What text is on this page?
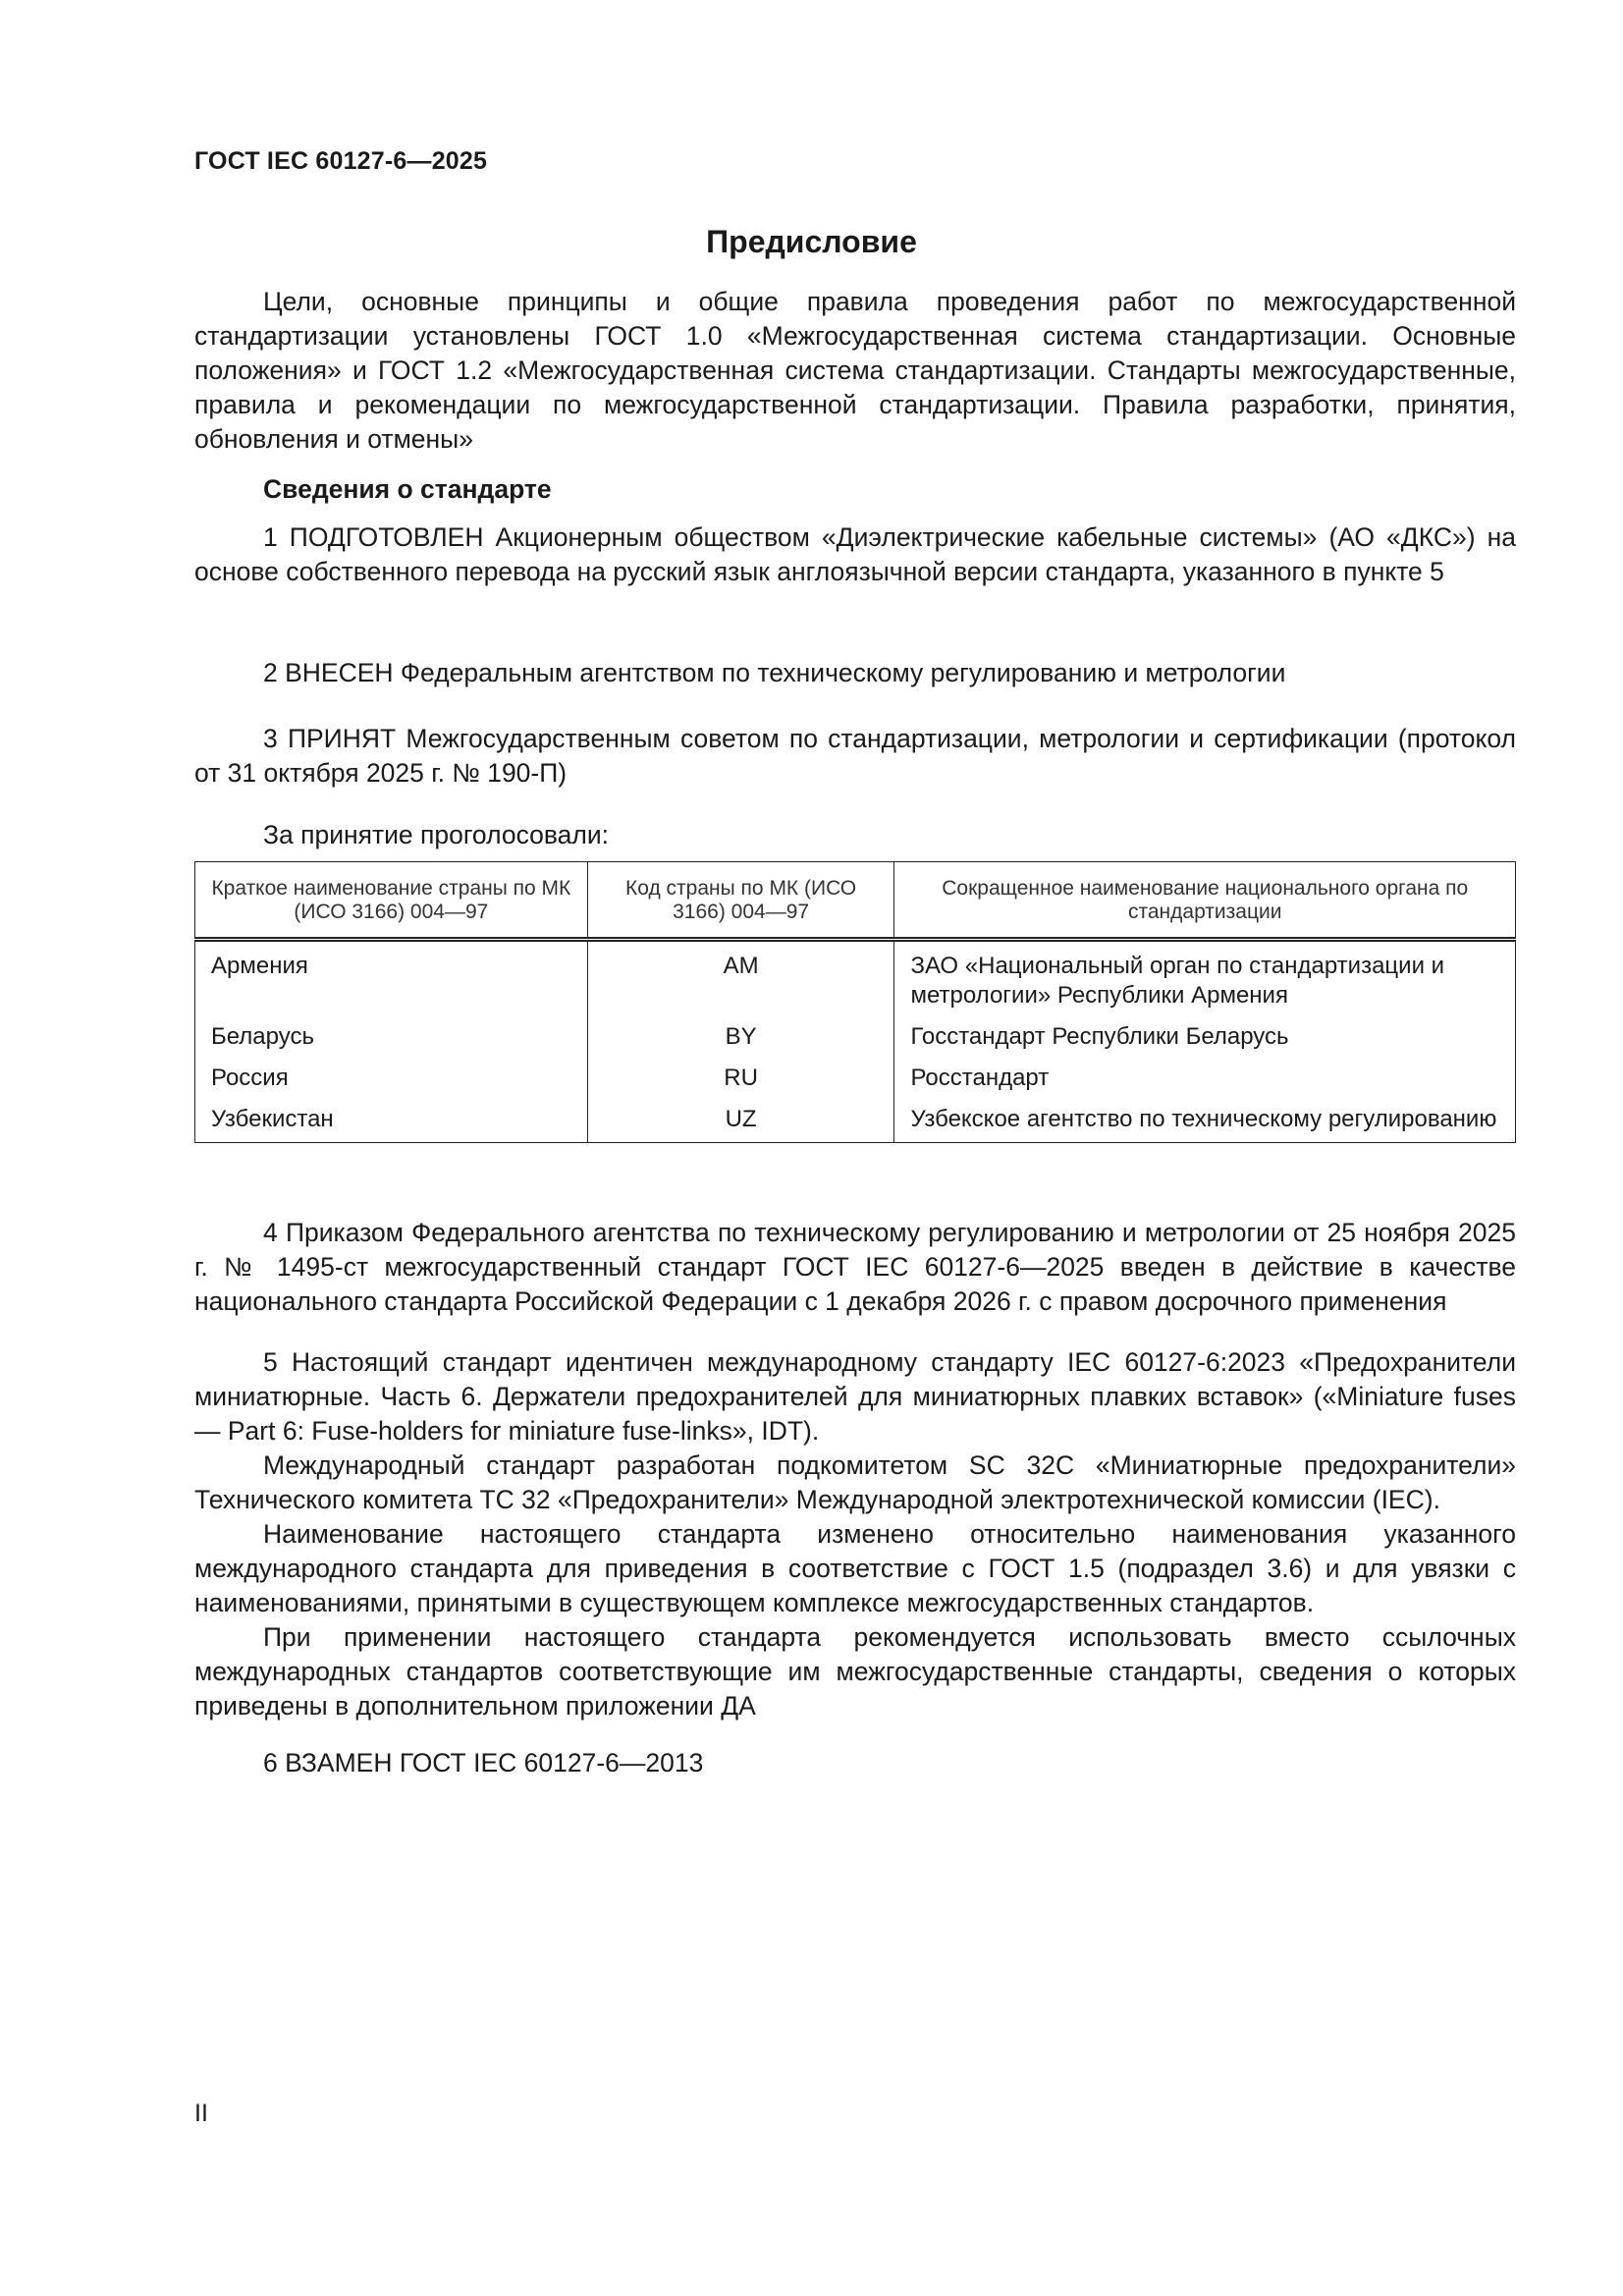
ГОСТ IEC 60127-6—2025
Предисловие

Цели, основные принципы и общие правила проведения работ по межгосударственной стандартизации установлены ГОСТ 1.0 «Межгосударственная система стандартизации. Основные положения» и ГОСТ 1.2 «Межгосударственная система стандартизации. Стандарты межгосударственные, правила и рекомендации по межгосударственной стандартизации. Правила разработки, принятия, обновления и отмены»

Сведения о стандарте

1 ПОДГОТОВЛЕН Акционерным обществом «Диэлектрические кабельные системы» (АО «ДКС») на основе собственного перевода на русский язык англоязычной версии стандарта, указанного в пункте 5

2 ВНЕСЕН Федеральным агентством по техническому регулированию и метрологии

3 ПРИНЯТ Межгосударственным советом по стандартизации, метрологии и сертификации (протокол от 31 октября 2025 г. № 190-П)

За принятие проголосовали:
Краткое наименование страны по МК (ИСО 3166) 004—97	Код страны по МК (ИСО 3166) 004—97	Сокращенное наименование национального органа по стандартизации
Армения	AM	ЗАО «Национальный орган по стандартизации и метрологии» Республики Армения
Беларусь	BY	Госстандарт Республики Беларусь
Россия	RU	Росстандарт
Узбекистан	UZ	Узбекское агентство по техническому регулированию

4 Приказом Федерального агентства по техническому регулированию и метрологии от 25 ноября 2025 г. № 1495-ст межгосударственный стандарт ГОСТ IEC 60127-6—2025 введен в действие в качестве национального стандарта Российской Федерации с 1 декабря 2026 г. с правом досрочного применения

5 Настоящий стандарт идентичен международному стандарту IEC 60127-6:2023 «Предохранители миниатюрные. Часть 6. Держатели предохранителей для миниатюрных плавких вставок» («Miniature fuses — Part 6: Fuse-holders for miniature fuse-links», IDT).

Международный стандарт разработан подкомитетом SC 32C «Миниатюрные предохранители» Технического комитета TC 32 «Предохранители» Международной электротехнической комиссии (IEC).

Наименование настоящего стандарта изменено относительно наименования указанного международного стандарта для приведения в соответствие с ГОСТ 1.5 (подраздел 3.6) и для увязки с наименованиями, принятыми в существующем комплексе межгосударственных стандартов.

При применении настоящего стандарта рекомендуется использовать вместо ссылочных международных стандартов соответствующие им межгосударственные стандарты, сведения о которых приведены в дополнительном приложении ДА

6 ВЗАМЕН ГОСТ IEC 60127-6—2013
II
